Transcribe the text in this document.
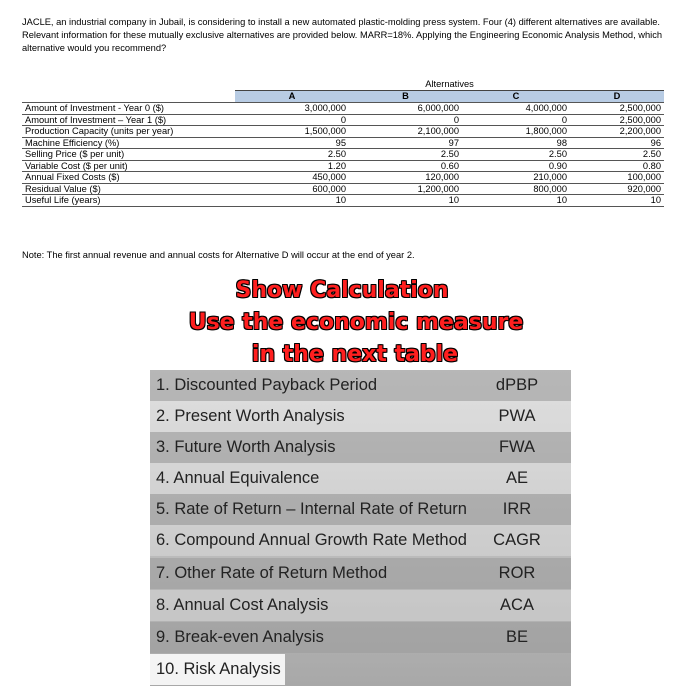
JACLE, an industrial company in Jubail, is considering to install a new automated plastic-molding press system. Four (4) different alternatives are available. Relevant information for these mutually exclusive alternatives are provided below. MARR=18%. Applying the Engineering Economic Analysis Method, which alternative would you recommend?
	Alternatives			
	A	B	C	D
Amount of Investment - Year 0 ($)	3,000,000	6,000,000	4,000,000	2,500,000
Amount of Investment – Year 1 ($)	0	0	0	2,500,000
Production Capacity (units per year)	1,500,000	2,100,000	1,800,000	2,200,000
Machine Efficiency (%)	95	97	98	96
Selling Price ($ per unit)	2.50	2.50	2.50	2.50
Variable Cost ($ per unit)	1.20	0.60	0.90	0.80
Annual Fixed Costs ($)	450,000	120,000	210,000	100,000
Residual Value ($)	600,000	1,200,000	800,000	920,000
Useful Life (years)	10	10	10	10
Note: The first annual revenue and annual costs for Alternative D will occur at the end of year 2.
Show Calculation
Use the economic measure
in the next table
1. Discounted Payback Period	dPBP
2. Present Worth Analysis	PWA
3. Future Worth Analysis	FWA
4. Annual Equivalence	AE
5. Rate of Return – Internal Rate of Return	IRR
6. Compound Annual Growth Rate Method	CAGR
7. Other Rate of Return Method	ROR
8. Annual Cost Analysis	ACA
9. Break-even Analysis	BE
10. Risk Analysis
